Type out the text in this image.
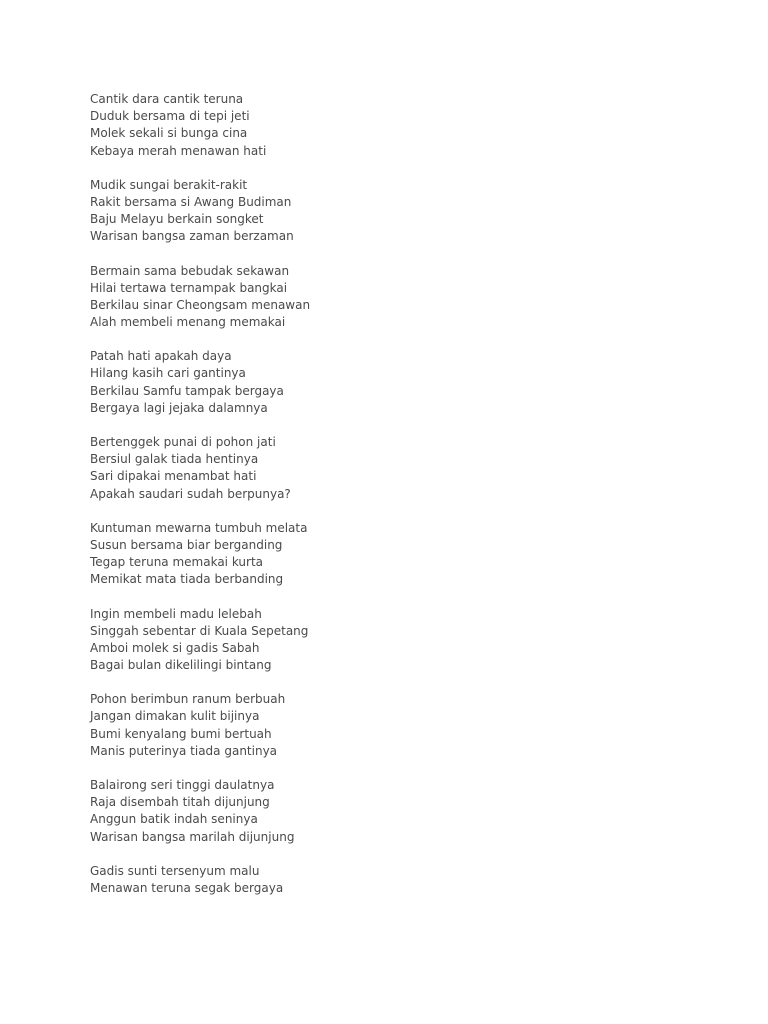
Cantik dara cantik teruna
Duduk bersama di tepi jeti
Molek sekali si bunga cina
Kebaya merah menawan hati
Mudik sungai berakit-rakit
Rakit bersama si Awang Budiman
Baju Melayu berkain songket
Warisan bangsa zaman berzaman
Bermain sama bebudak sekawan
Hilai tertawa ternampak bangkai
Berkilau sinar Cheongsam menawan
Alah membeli menang memakai
Patah hati apakah daya
Hilang kasih cari gantinya
Berkilau Samfu tampak bergaya
Bergaya lagi jejaka dalamnya
Bertenggek punai di pohon jati
Bersiul galak tiada hentinya
Sari dipakai menambat hati
Apakah saudari sudah berpunya?
Kuntuman mewarna tumbuh melata
Susun bersama biar berganding
Tegap teruna memakai kurta
Memikat mata tiada berbanding
Ingin membeli madu lelebah
Singgah sebentar di Kuala Sepetang
Amboi molek si gadis Sabah
Bagai bulan dikelilingi bintang
Pohon berimbun ranum berbuah
Jangan dimakan kulit bijinya
Bumi kenyalang bumi bertuah
Manis puterinya tiada gantinya
Balairong seri tinggi daulatnya
Raja disembah titah dijunjung
Anggun batik indah seninya
Warisan bangsa marilah dijunjung
Gadis sunti tersenyum malu
Menawan teruna segak bergaya
